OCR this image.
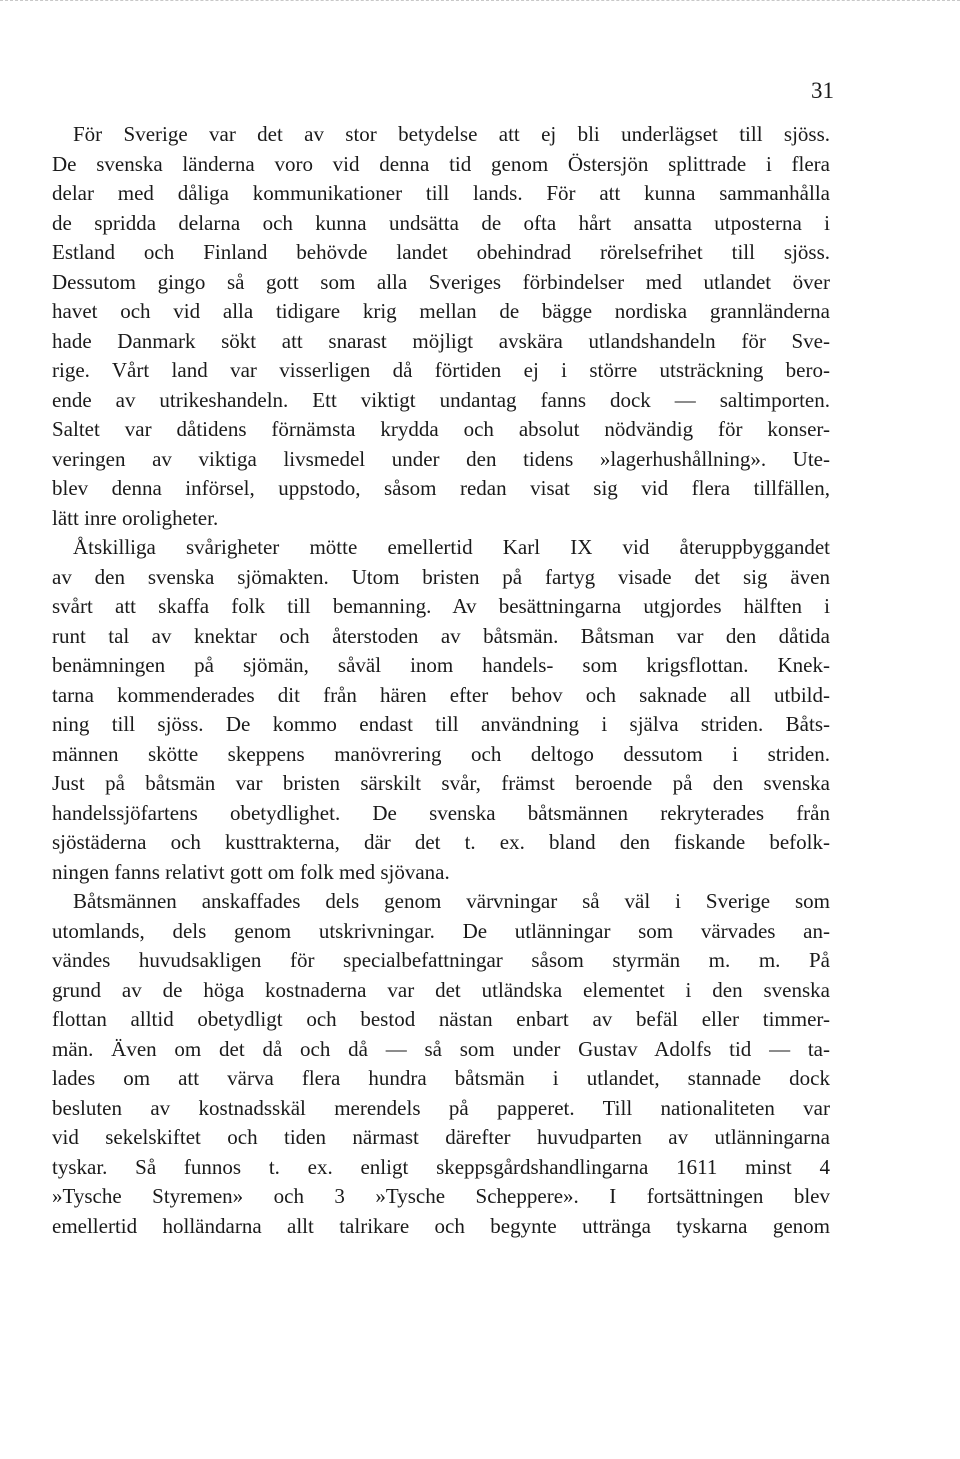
31
För Sverige var det av stor betydelse att ej bli underlägset till sjöss.
De svenska länderna voro vid denna tid genom Östersjön splittrade i flera
delar med dåliga kommunikationer till lands. För att kunna sammanhålla
de spridda delarna och kunna undsätta de ofta hårt ansatta utposterna i
Estland och Finland behövde landet obehindrad rörelsefrihet till sjöss.
Dessutom gingo så gott som alla Sveriges förbindelser med utlandet över
havet och vid alla tidigare krig mellan de bägge nordiska grannländerna
hade Danmark sökt att snarast möjligt avskära utlandshandeln för Sve-
rige. Vårt land var visserligen då förtiden ej i större utsträckning bero-
ende av utrikeshandeln. Ett viktigt undantag fanns dock — saltimporten.
Saltet var dåtidens förnämsta krydda och absolut nödvändig för konser-
veringen av viktiga livsmedel under den tidens »lagerhushållning». Ute-
blev denna införsel, uppstodo, såsom redan visat sig vid flera tillfällen,
lätt inre oroligheter.
Åtskilliga svårigheter mötte emellertid Karl IX vid återuppbyggandet
av den svenska sjömakten. Utom bristen på fartyg visade det sig även
svårt att skaffa folk till bemanning. Av besättningarna utgjordes hälften i
runt tal av knektar och återstoden av båtsmän. Båtsman var den dåtida
benämningen på sjömän, såväl inom handels- som krigsflottan. Knek-
tarna kommenderades dit från hären efter behov och saknade all utbild-
ning till sjöss. De kommo endast till användning i själva striden. Båts-
männen skötte skeppens manövrering och deltogo dessutom i striden.
Just på båtsmän var bristen särskilt svår, främst beroende på den svenska
handelssjöfartens obetydlighet. De svenska båtsmännen rekryterades från
sjöstäderna och kusttrakterna, där det t. ex. bland den fiskande befolk-
ningen fanns relativt gott om folk med sjövana.
Båtsmännen anskaffades dels genom värvningar så väl i Sverige som
utomlands, dels genom utskrivningar. De utlänningar som värvades an-
vändes huvudsakligen för specialbefattningar såsom styrmän m. m. På
grund av de höga kostnaderna var det utländska elementet i den svenska
flottan alltid obetydligt och bestod nästan enbart av befäl eller timmer-
män. Även om det då och då — så som under Gustav Adolfs tid — ta-
lades om att värva flera hundra båtsmän i utlandet, stannade dock
besluten av kostnadsskäl merendels på papperet. Till nationaliteten var
vid sekelskiftet och tiden närmast därefter huvudparten av utlänningarna
tyskar. Så funnos t. ex. enligt skeppsgårdshandlingarna 1611 minst 4
»Tysche Styremen» och 3 »Tysche Scheppere». I fortsättningen blev
emellertid holländarna allt talrikare och begynte uttränga tyskarna genom
